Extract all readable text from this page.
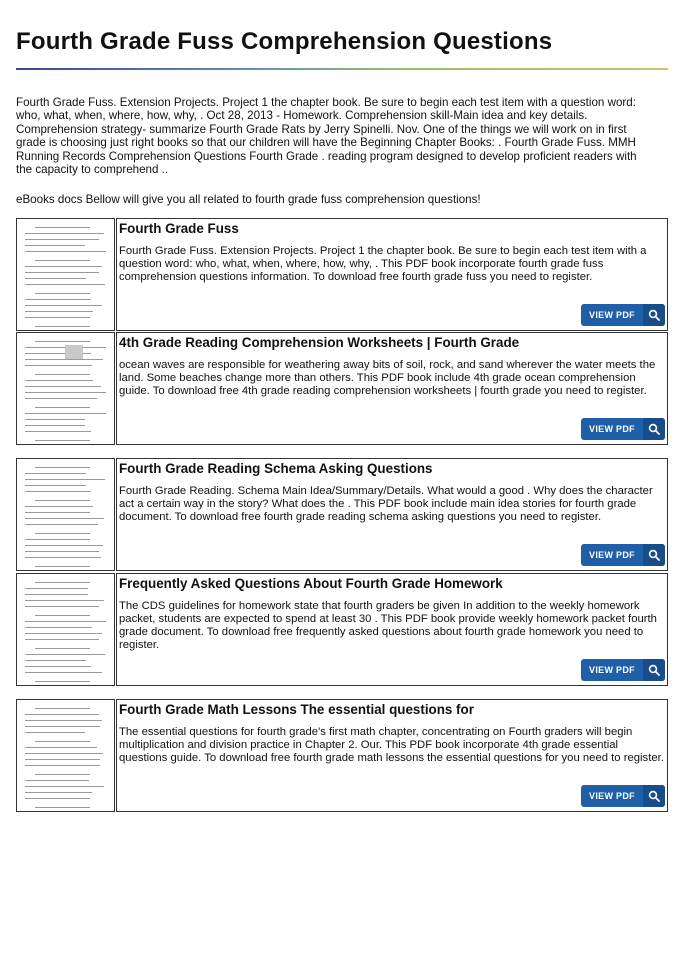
Fourth Grade Fuss Comprehension Questions
Fourth Grade Fuss. Extension Projects. Project 1 the chapter book. Be sure to begin each test item with a question word: who, what, when, where, how, why, . Oct 28, 2013 - Homework. Comprehension skill-Main idea and key details. Comprehension strategy- summarize Fourth Grade Rats by Jerry Spinelli. Nov. One of the things we will work on in first grade is choosing just right books so that our children will have the Beginning Chapter Books: . Fourth Grade Fuss. MMH Running Records Comprehension Questions Fourth Grade . reading program designed to develop proficient readers with the capacity to comprehend ..
eBooks docs Bellow will give you all related to fourth grade fuss comprehension questions!
Fourth Grade Fuss
Fourth Grade Fuss. Extension Projects. Project 1 the chapter book. Be sure to begin each test item with a question word: who, what, when, where, how, why, . This PDF book incorporate fourth grade fuss comprehension questions information. To download free fourth grade fuss you need to register.
VIEW PDF
4th Grade Reading Comprehension Worksheets | Fourth Grade
ocean waves are responsible for weathering away bits of soil, rock, and sand wherever the water meets the land. Some beaches change more than others. This PDF book include 4th grade ocean comprehension guide. To download free 4th grade reading comprehension worksheets | fourth grade you need to register.
VIEW PDF
Fourth Grade Reading Schema Asking Questions
Fourth Grade Reading. Schema Main Idea/Summary/Details. What would a good . Why does the character act a certain way in the story? What does the . This PDF book include main idea stories for fourth grade document. To download free fourth grade reading schema asking questions you need to register.
VIEW PDF
Frequently Asked Questions About Fourth Grade Homework
The CDS guidelines for homework state that fourth graders be given In addition to the weekly homework packet, students are expected to spend at least 30 . This PDF book provide weekly homework packet fourth grade document. To download free frequently asked questions about fourth grade homework you need to register.
VIEW PDF
Fourth Grade Math Lessons The essential questions for
The essential questions for fourth grade's first math chapter, concentrating on Fourth graders will begin multiplication and division practice in Chapter 2. Our. This PDF book incorporate 4th grade essential questions guide. To download free fourth grade math lessons the essential questions for you need to register.
VIEW PDF
